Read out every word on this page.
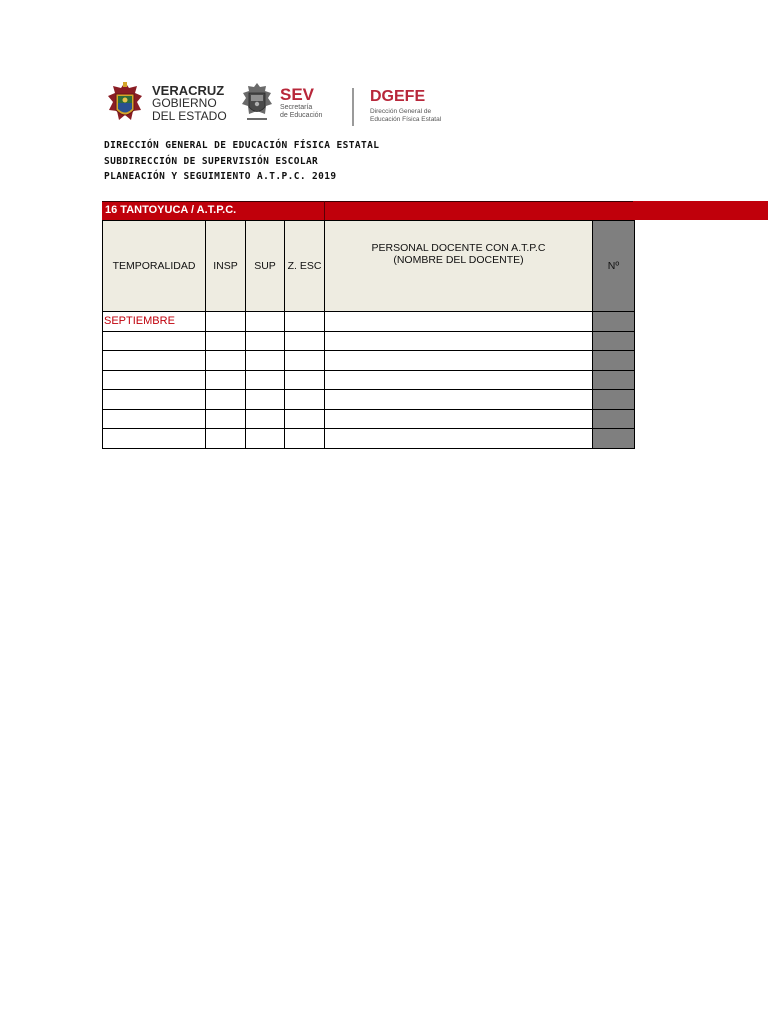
VERACRUZ
GOBIERNO
DEL ESTADO
SEV
Secretaría
de Educación
DGEFE
Dirección General de
Educación Física Estatal
DIRECCIÓN GENERAL DE EDUCACIÓN FÍSICA ESTATAL
SUBDIRECCIÓN DE SUPERVISIÓN ESCOLAR
PLANEACIÓN Y SEGUIMIENTO A.T.P.C. 2019
16 TANTOYUCA / A.T.P.C.
TEMPORALIDAD	INSP	SUP	Z. ESC	PERSONAL DOCENTE CON A.T.P.C
(NOMBRE DEL DOCENTE)	Nº
SEPTIEMBRE					
